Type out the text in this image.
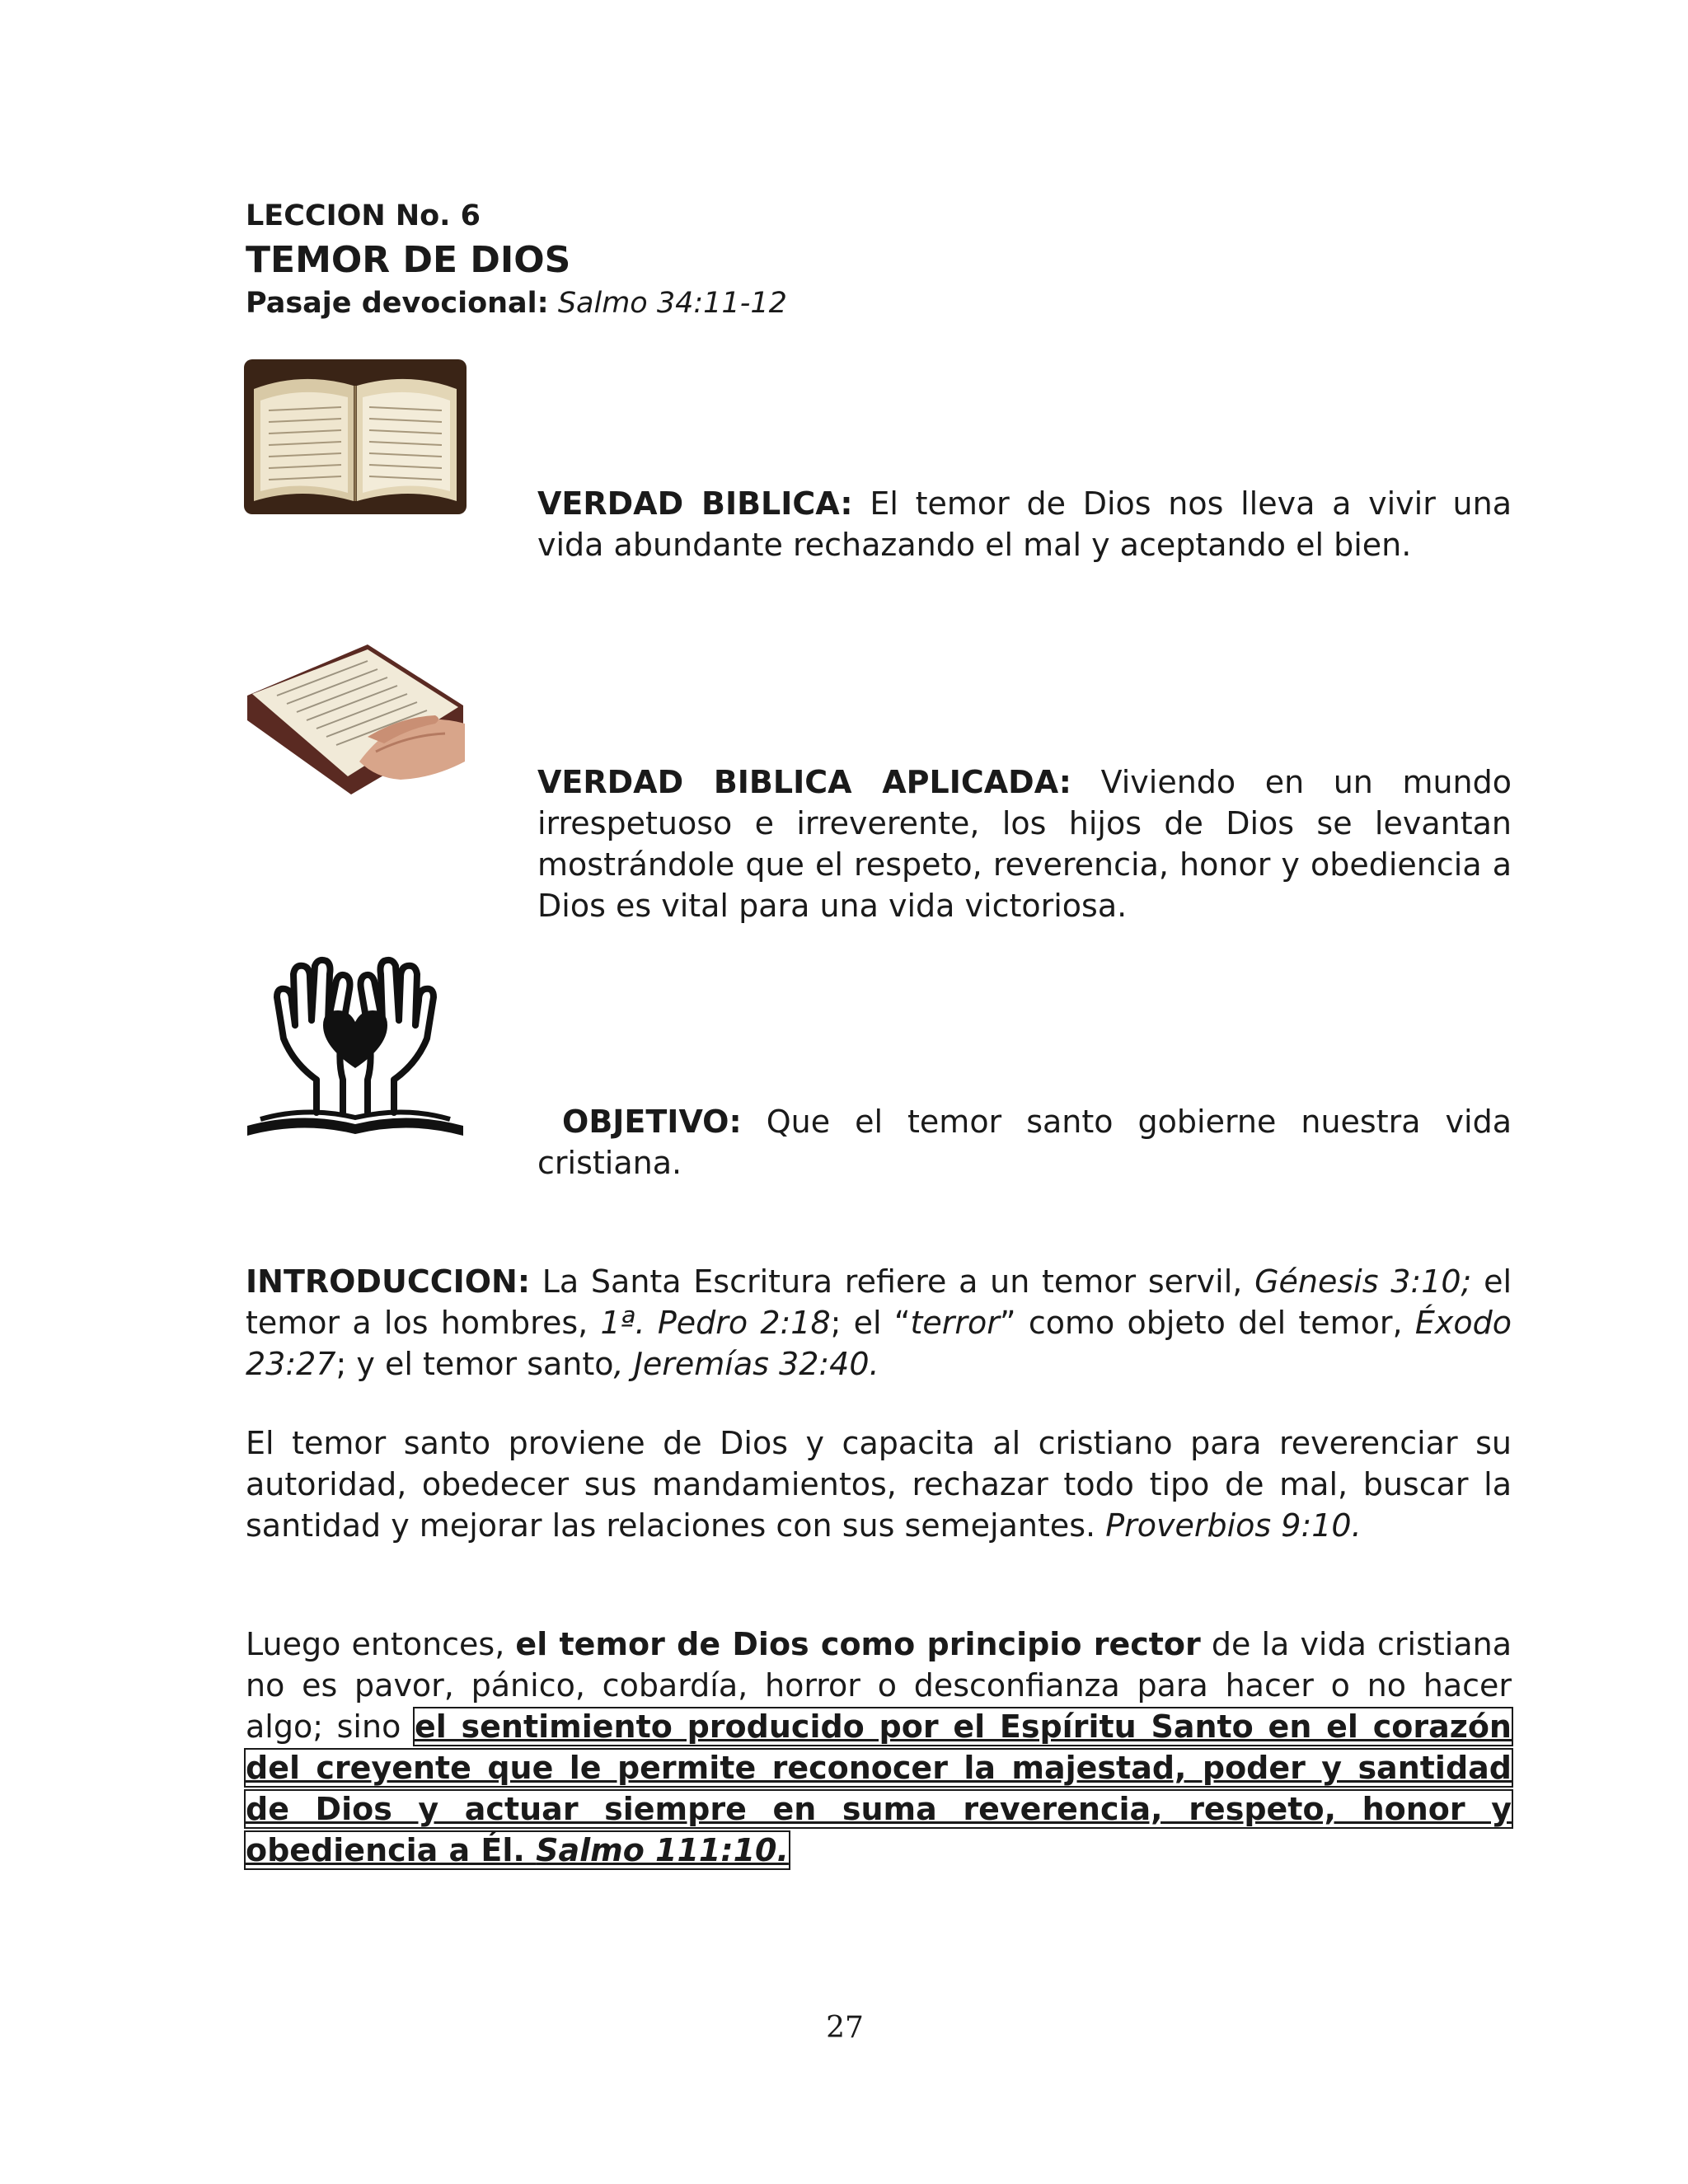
LECCION No. 6
TEMOR DE DIOS
Pasaje devocional: Salmo 34:11-12
VERDAD BIBLICA: El temor de Dios nos lleva a vivir una vida abundante rechazando el mal y aceptando el bien.
VERDAD BIBLICA APLICADA: Viviendo en un mundo irrespetuoso e irreverente, los hijos de Dios se levantan mostrándole que el respeto, reverencia, honor y obediencia a Dios es vital para una vida victoriosa.
OBJETIVO: Que el temor santo gobierne nuestra vida cristiana.
INTRODUCCION: La Santa Escritura refiere a un temor servil, Génesis 3:10; el temor a los hombres, 1ª. Pedro 2:18; el “terror” como objeto del temor, Éxodo 23:27; y el temor santo, Jeremías 32:40.
El temor santo proviene de Dios y capacita al cristiano para reverenciar su autoridad, obedecer sus mandamientos, rechazar todo tipo de mal, buscar la santidad y mejorar las relaciones con sus semejantes. Proverbios 9:10.
Luego entonces, el temor de Dios como principio rector de la vida cristiana no es pavor, pánico, cobardía, horror o desconfianza para hacer o no hacer algo; sino el sentimiento producido por el Espíritu Santo en el corazón del creyente que le permite reconocer la majestad, poder y santidad de Dios y actuar siempre en suma reverencia, respeto, honor y obediencia a Él. Salmo 111:10.
27
